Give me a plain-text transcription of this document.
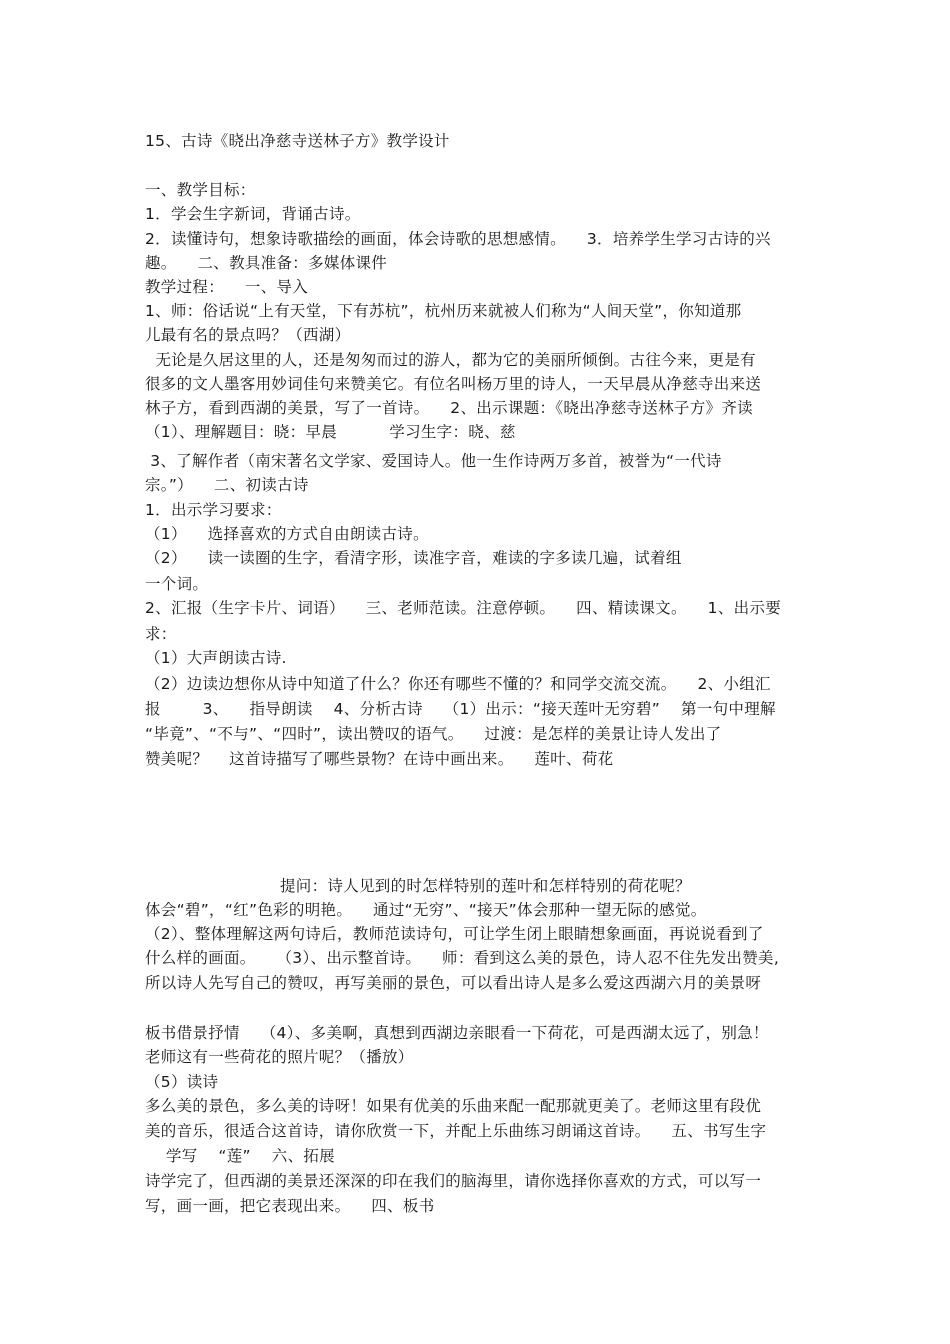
15、古诗《晓出净慈寺送林子方》教学设计
一、教学目标：
1．学会生字新词，背诵古诗。
2．读懂诗句，想象诗歌描绘的画面，体会诗歌的思想感情。    3．培养学生学习古诗的兴
趣。    二、教具准备：多媒体课件
教学过程：    一、导入
1、师：俗话说“上有天堂，下有苏杭”，杭州历来就被人们称为“人间天堂”，你知道那
儿最有名的景点吗？（西湖）
无论是久居这里的人，还是匆匆而过的游人，都为它的美丽所倾倒。古往今来，更是有
很多的文人墨客用妙词佳句来赞美它。有位名叫杨万里的诗人，一天早晨从净慈寺出来送
林子方，看到西湖的美景，写了一首诗。    2、出示课题：《晓出净慈寺送林子方》齐读
（1）、理解题目：晓：早晨          学习生字：晓、慈
3、了解作者（南宋著名文学家、爱国诗人。他一生作诗两万多首，被誉为“一代诗
宗。”）    二、初读古诗
1．出示学习要求：
（1）    选择喜欢的方式自由朗读古诗。
（2）    读一读圈的生字，看清字形，读准字音，难读的字多读几遍，试着组
一个词。
2、汇报（生字卡片、词语）    三、老师范读。注意停顿。    四、精读课文。    1、出示要
求：
（1）大声朗读古诗.
（2）边读边想你从诗中知道了什么？你还有哪些不懂的？和同学交流交流。    2、小组汇
报        3、    指导朗读    4、分析古诗    （1）出示：“接天莲叶无穷碧”    第一句中理解
“毕竟”、“不与”、“四时”，读出赞叹的语气。    过渡：是怎样的美景让诗人发出了
赞美呢？    这首诗描写了哪些景物？在诗中画出来。    莲叶、荷花
提问：诗人见到的时怎样特别的莲叶和怎样特别的荷花呢？
体会“碧”，“红”色彩的明艳。    通过“无穷”、“接天”体会那种一望无际的感觉。
（2）、整体理解这两句诗后，教师范读诗句，可让学生闭上眼睛想象画面，再说说看到了
什么样的画面。    （3）、出示整首诗。    师：看到这么美的景色，诗人忍不住先发出赞美,
所以诗人先写自己的赞叹，再写美丽的景色，可以看出诗人是多么爱这西湖六月的美景呀
板书借景抒情    （4）、多美啊，真想到西湖边亲眼看一下荷花，可是西湖太远了，别急！
老师这有一些荷花的照片呢？（播放）
（5）读诗
多么美的景色，多么美的诗呀！如果有优美的乐曲来配一配那就更美了。老师这里有段优
美的音乐，很适合这首诗，请你欣赏一下，并配上乐曲练习朗诵这首诗。    五、书写生字
学写    “莲”    六、拓展
诗学完了，但西湖的美景还深深的印在我们的脑海里，请你选择你喜欢的方式，可以写一
写，画一画，把它表现出来。    四、板书
